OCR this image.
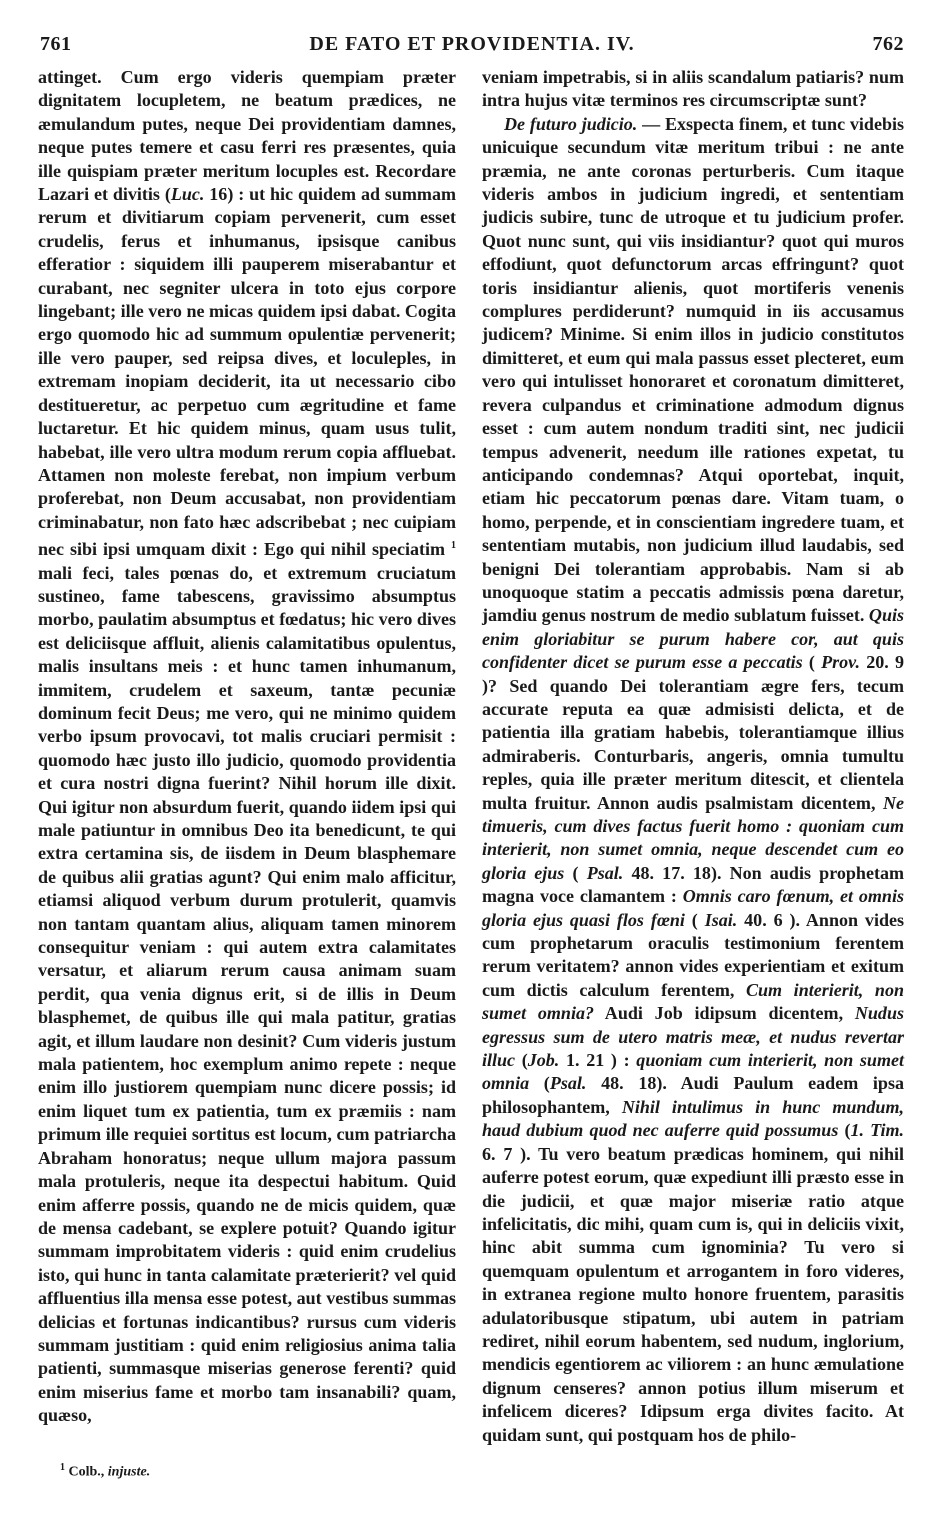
761	DE FATO ET PROVIDENTIA. IV.	762

attinget. Cum ergo videris quempiam præter dignitatem locupletem, ne beatum prædices, ne æmulandum putes, neque Dei providentiam damnes, neque putes temere et casu ferri res præsentes, quia ille quispiam præter meritum locuples est. Recordare Lazari et divitis (Luc. 16) : ut hic quidem ad summam rerum et divitiarum copiam pervenerit, cum esset crudelis, ferus et inhumanus, ipsisque canibus efferatior : siquidem illi pauperem miserabantur et curabant, nec segniter ulcera in toto ejus corpore lingebant; ille vero ne micas quidem ipsi dabat. Cogita ergo quomodo hic ad summum opulentiæ pervenerit; ille vero pauper, sed reipsa dives, et loculeples, in extremam inopiam deciderit, ita ut necessario cibo destitueretur, ac perpetuo cum ægritudine et fame luctaretur. Et hic quidem minus, quam usus tulit, habebat, ille vero ultra modum rerum copia affluebat. Attamen non moleste ferebat, non impium verbum proferebat, non Deum accusabat, non providentiam criminabatur, non fato hæc adscribebat ; nec cuipiam nec sibi ipsi umquam dixit : Ego qui nihil speciatim $^1$ mali feci, tales pœnas do, et extremum cruciatum sustineo, fame tabescens, gravissimo absumptus morbo, paulatim absumptus et fœdatus; hic vero dives est deliciisque affluit, alienis calamitatibus opulentus, malis insultans meis : et hunc tamen inhumanum, immitem, crudelem et saxeum, tantæ pecuniæ dominum fecit Deus; me vero, qui ne minimo quidem verbo ipsum provocavi, tot malis cruciari permisit : quomodo hæc justo illo judicio, quomodo providentia et cura nostri digna fuerint? Nihil horum ille dixit. Qui igitur non absurdum fuerit, quando iidem ipsi qui male patiuntur in omnibus Deo ita benedicunt, te qui extra certamina sis, de iisdem in Deum blasphemare de quibus alii gratias agunt? Qui enim malo afficitur, etiamsi aliquod verbum durum protulerit, quamvis non tantam quantam alius, aliquam tamen minorem consequitur veniam : qui autem extra calamitates versatur, et aliarum rerum causa animam suam perdit, qua venia dignus erit, si de illis in Deum blasphemet, de quibus ille qui mala patitur, gratias agit, et illum laudare non desinit? Cum videris justum mala patientem, hoc exemplum animo repete : neque enim illo justiorem quempiam nunc dicere possis; id enim liquet tum ex patientia, tum ex præmiis : nam primum ille requiei sortitus est locum, cum patriarcha Abraham honoratus; neque ullum majora passum mala protuleris, neque ita despectui habitum. Quid enim afferre possis, quando ne de micis quidem, quæ de mensa cadebant, se explere potuit? Quando igitur summam improbitatem videris : quid enim crudelius isto, qui hunc in tanta calamitate præterierit? vel quid affluentius illa mensa esse potest, aut vestibus summas delicias et fortunas indicantibus? rursus cum videris summam justitiam : quid enim religiosius anima talia patienti, summasque miserias generose ferenti? quid enim miserius fame et morbo tam insanabili? quam, quæso,

veniam impetrabis, si in aliis scandalum patiaris? num intra hujus vitæ terminos res circumscriptæ sunt?

De futuro judicio. — Exspecta finem, et tunc videbis unicuique secundum vitæ meritum tribui : ne ante præmia, ne ante coronas perturberis. Cum itaque videris ambos in judicium ingredi, et sententiam judicis subire, tunc de utroque et tu judicium profer. Quot nunc sunt, qui viis insidiantur? quot qui muros effodiunt, quot defunctorum arcas effringunt? quot toris insidiantur alienis, quot mortiferis venenis complures perdiderunt? numquid in iis accusamus judicem? Minime. Si enim illos in judicio constitutos dimitteret, et eum qui mala passus esset plecteret, eum vero qui intulisset honoraret et coronatum dimitteret, revera culpandus et criminatione admodum dignus esset : cum autem nondum traditi sint, nec judicii tempus advenerit, needum ille rationes expetat, tu anticipando condemnas? Atqui oportebat, inquit, etiam hic peccatorum pœnas dare. Vitam tuam, o homo, perpende, et in conscientiam ingredere tuam, et sententiam mutabis, non judicium illud laudabis, sed benigni Dei tolerantiam approbabis. Nam si ab unoquoque statim a peccatis admissis pœna daretur, jamdiu genus nostrum de medio sublatum fuisset. Quis enim gloriabitur se purum habere cor, aut quis confidenter dicet se purum esse a peccatis ( Prov. 20. 9 )? Sed quando Dei tolerantiam ægre fers, tecum accurate reputa ea quæ admisisti delicta, et de patientia illa gratiam habebis, tolerantiamque illius admiraberis. Conturbaris, angeris, omnia tumultu reples, quia ille præter meritum ditescit, et clientela multa fruitur. Annon audis psalmistam dicentem, Ne timueris, cum dives factus fuerit homo : quoniam cum interierit, non sumet omnia, neque descendet cum eo gloria ejus ( Psal. 48. 17. 18). Non audis prophetam magna voce clamantem : Omnis caro fœnum, et omnis gloria ejus quasi flos fœni ( Isai. 40. 6 ). Annon vides cum prophetarum oraculis testimonium ferentem rerum veritatem? annon vides experientiam et exitum cum dictis calculum ferentem, Cum interierit, non sumet omnia? Audi Job idipsum dicentem, Nudus egressus sum de utero matris meæ, et nudus revertar illuc (Job. 1. 21 ) : quoniam cum interierit, non sumet omnia (Psal. 48. 18). Audi Paulum eadem ipsa philosophantem, Nihil intulimus in hunc mundum, haud dubium quod nec auferre quid possumus (1. Tim. 6. 7 ). Tu vero beatum prædicas hominem, qui nihil auferre potest eorum, quæ expediunt illi præsto esse in die judicii, et quæ major miseriæ ratio atque infelicitatis, dic mihi, quam cum is, qui in deliciis vixit, hinc abit summa cum ignominia? Tu vero si quemquam opulentum et arrogantem in foro videres, in extranea regione multo honore fruentem, parasitis adulatoribusque stipatum, ubi autem in patriam rediret, nihil eorum habentem, sed nudum, inglorium, mendicis egentiorem ac viliorem : an hunc æmulatione dignum censeres? annon potius illum miserum et infelicem diceres? Idipsum erga divites facito. At quidam sunt, qui postquam hos de philo-

$^1$ Colb., injuste.
